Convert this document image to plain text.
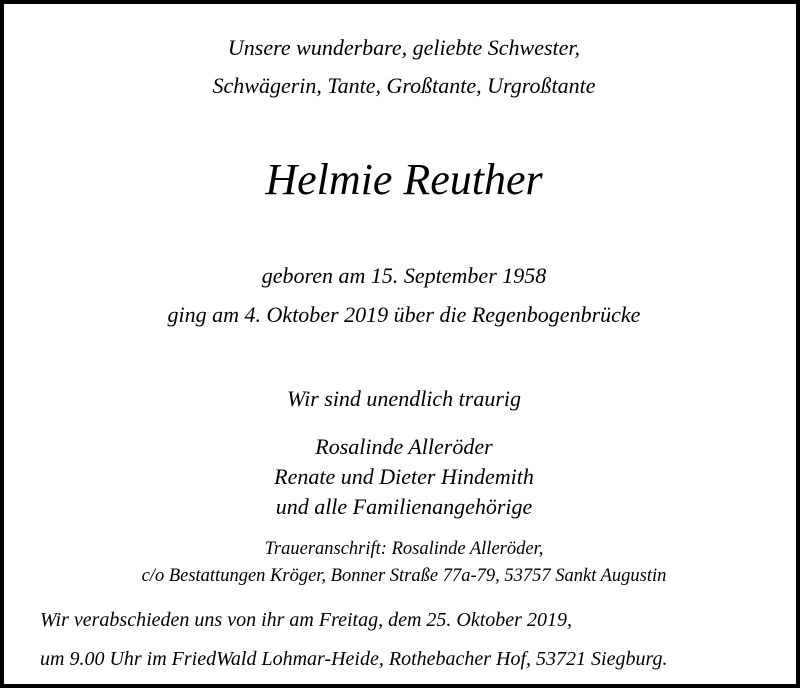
Unsere wunderbare, geliebte Schwester,
Schwägerin, Tante, Großtante, Urgroßtante
Helmie Reuther
geboren am 15. September 1958
ging am 4. Oktober 2019 über die Regenbogenbrücke
Wir sind unendlich traurig
Rosalinde Alleröder
Renate und Dieter Hindemith
und alle Familienangehörige
Traueranschrift: Rosalinde Alleröder,
c/o Bestattungen Kröger, Bonner Straße 77a-79, 53757 Sankt Augustin
Wir verabschieden uns von ihr am Freitag, dem 25. Oktober 2019,
um 9.00 Uhr im FriedWald Lohmar-Heide, Rothebacher Hof, 53721 Siegburg.
